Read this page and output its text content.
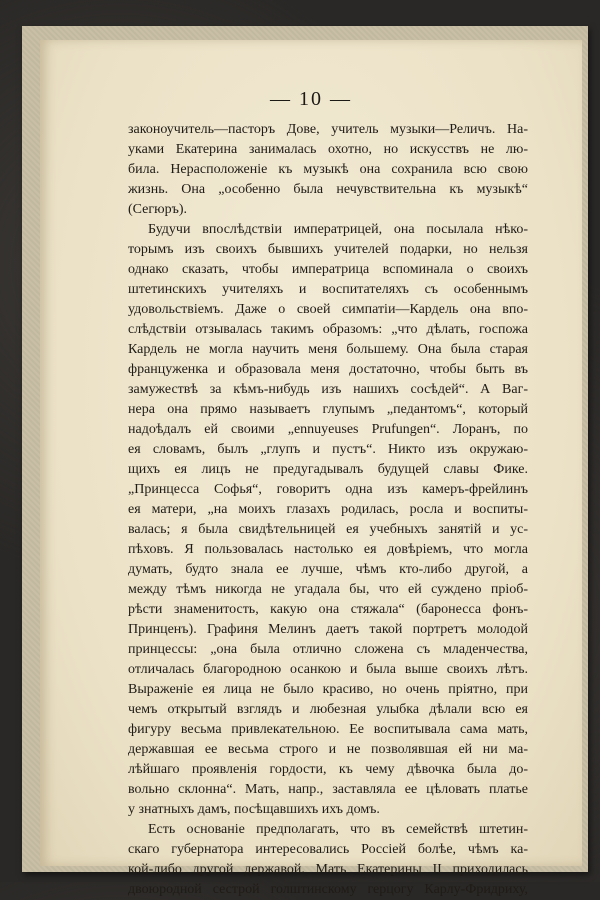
— 10 —
законоучитель—пасторъ Дове, учитель музыки—Реличъ. На-
уками Екатерина занималась охотно, но искусствъ не лю-
била. Нерасположеніе къ музыкѣ она сохранила всю свою
жизнь. Она „особенно была нечувствительна къ музыкѣ“
(Сегюръ).
Будучи впослѣдствіи императрицей, она посылала нѣко-
торымъ изъ своихъ бывшихъ учителей подарки, но нельзя
однако сказать, чтобы императрица вспоминала о своихъ
штетинскихъ учителяхъ и воспитателяхъ съ особеннымъ
удовольствіемъ. Даже о своей симпатіи—Кардель она впо-
слѣдствіи отзывалась такимъ образомъ: „что дѣлать, госпожа
Кардель не могла научить меня большему. Она была старая
француженка и образовала меня достаточно, чтобы быть въ
замужествѣ за кѣмъ-нибудь изъ нашихъ сосѣдей“. А Ваг-
нера она прямо называетъ глупымъ „педантомъ“, который
надоѣдалъ ей своими „ennuyeuses Prufungen“. Лоранъ, по
ея словамъ, былъ „глупъ и пустъ“. Никто изъ окружаю-
щихъ ея лицъ не предугадывалъ будущей славы Фике.
„Принцесса Софья“, говоритъ одна изъ камеръ-фрейлинъ
ея матери, „на моихъ глазахъ родилась, росла и воспиты-
валась; я была свидѣтельницей ея учебныхъ занятій и ус-
пѣховъ. Я пользовалась настолько ея довѣріемъ, что могла
думать, будто знала ее лучше, чѣмъ кто-либо другой, а
между тѣмъ никогда не угадала бы, что ей суждено пріоб-
рѣсти знаменитость, какую она стяжала“ (баронесса фонъ-
Принценъ). Графиня Мелинъ даетъ такой портретъ молодой
принцессы: „она была отлично сложена съ младенчества,
отличалась благородною осанкою и была выше своихъ лѣтъ.
Выраженіе ея лица не было красиво, но очень пріятно, при
чемъ открытый взглядъ и любезная улыбка дѣлали всю ея
фигуру весьма привлекательною. Ее воспитывала сама мать,
державшая ее весьма строго и не позволявшая ей ни ма-
лѣйшаго проявленія гордости, къ чему дѣвочка была до-
вольно склонна“. Мать, напр., заставляла ее цѣловать платье
у знатныхъ дамъ, посѣщавшихъ ихъ домъ.
Есть основаніе предполагать, что въ семействѣ штетин-
скаго губернатора интересовались Россіей болѣе, чѣмъ ка-
кой-либо другой державой. Мать Екатерины II приходилась
двоюродной сестрой голштинскому герцогу Карлу-Фридриху,
